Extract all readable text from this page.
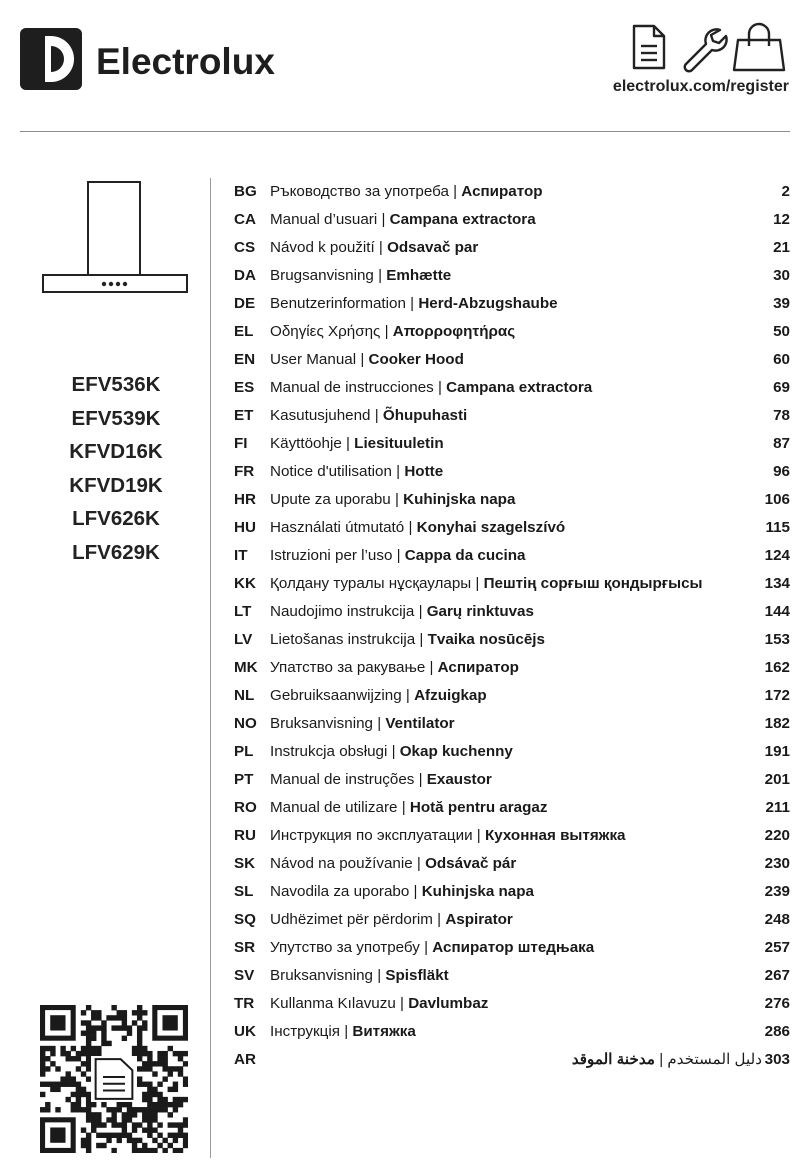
Electrolux
electrolux.com/register
EFV536K
EFV539K
KFVD16K
KFVD19K
LFV626K
LFV629K
BG Ръководство за употреба | Аспиратор	2
CA Manual d’usuari | Campana extractora	12
CS Návod k použití | Odsavač par	21
DA Brugsanvisning | Emhætte	30
DE Benutzerinformation | Herd-Abzugshaube	39
EL Οδηγίες Χρήσης | Απορροφητήρας	50
EN User Manual | Cooker Hood	60
ES Manual de instrucciones | Campana extractora	69
ET Kasutusjuhend | Õhupuhasti	78
FI Käyttöohje | Liesituuletin	87
FR Notice d'utilisation | Hotte	96
HR Upute za uporabu | Kuhinjska napa	106
HU Használati útmutató | Konyhai szagelszívó	115
IT Istruzioni per l’uso | Cappa da cucina	124
KK Қолдану туралы нұсқаулары | Пештің сорғыш қондырғысы	134
LT Naudojimo instrukcija | Garų rinktuvas	144
LV Lietošanas instrukcija | Tvaika nosūcējs	153
MK Упатство за ракување | Аспиратор	162
NL Gebruiksaanwijzing | Afzuigkap	172
NO Bruksanvisning | Ventilator	182
PL Instrukcja obsługi | Okap kuchenny	191
PT Manual de instruções | Exaustor	201
RO Manual de utilizare | Hotă pentru aragaz	211
RU Инструкция по эксплуатации | Кухонная вытяжка	220
SK Návod na používanie | Odsávač pár	230
SL Navodila za uporabo | Kuhinjska napa	239
SQ Udhëzimet për përdorim | Aspirator	248
SR Упутство за употребу | Аспиратор штедњака	257
SV Bruksanvisning | Spisfläkt	267
TR Kullanma Kılavuzu | Davlumbaz	276
UK Інструкція | Витяжка	286
AR	دليل المستخدم | مدخنة الموقد	303
